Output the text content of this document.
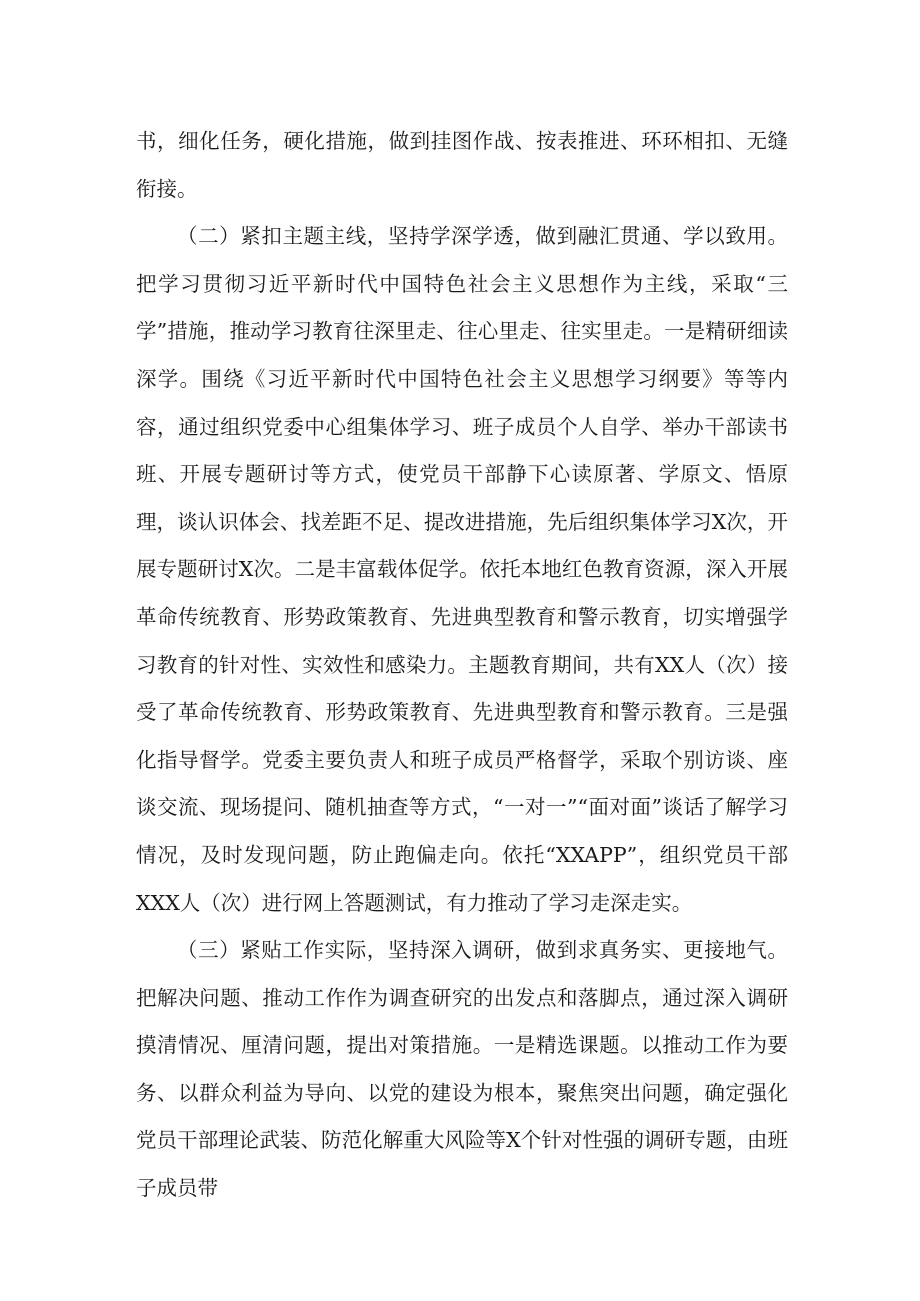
书，细化任务，硬化措施，做到挂图作战、按表推进、环环相扣、无缝衔接。

（二）紧扣主题主线，坚持学深学透，做到融汇贯通、学以致用。把学习贯彻习近平新时代中国特色社会主义思想作为主线，采取“三学”措施，推动学习教育往深里走、往心里走、往实里走。一是精研细读深学。围绕《习近平新时代中国特色社会主义思想学习纲要》等等内容，通过组织党委中心组集体学习、班子成员个人自学、举办干部读书班、开展专题研讨等方式，使党员干部静下心读原著、学原文、悟原理，谈认识体会、找差距不足、提改进措施，先后组织集体学习X次，开展专题研讨X次。二是丰富载体促学。依托本地红色教育资源，深入开展革命传统教育、形势政策教育、先进典型教育和警示教育，切实增强学习教育的针对性、实效性和感染力。主题教育期间，共有XX人（次）接受了革命传统教育、形势政策教育、先进典型教育和警示教育。三是强化指导督学。党委主要负责人和班子成员严格督学，采取个别访谈、座谈交流、现场提问、随机抽查等方式，“一对一”“面对面”谈话了解学习情况，及时发现问题，防止跑偏走向。依托“XXAPP”，组织党员干部XXX人（次）进行网上答题测试，有力推动了学习走深走实。

（三）紧贴工作实际，坚持深入调研，做到求真务实、更接地气。把解决问题、推动工作作为调查研究的出发点和落脚点，通过深入调研摸清情况、厘清问题，提出对策措施。一是精选课题。以推动工作为要务、以群众利益为导向、以党的建设为根本，聚焦突出问题，确定强化党员干部理论武装、防范化解重大风险等X个针对性强的调研专题，由班子成员带
